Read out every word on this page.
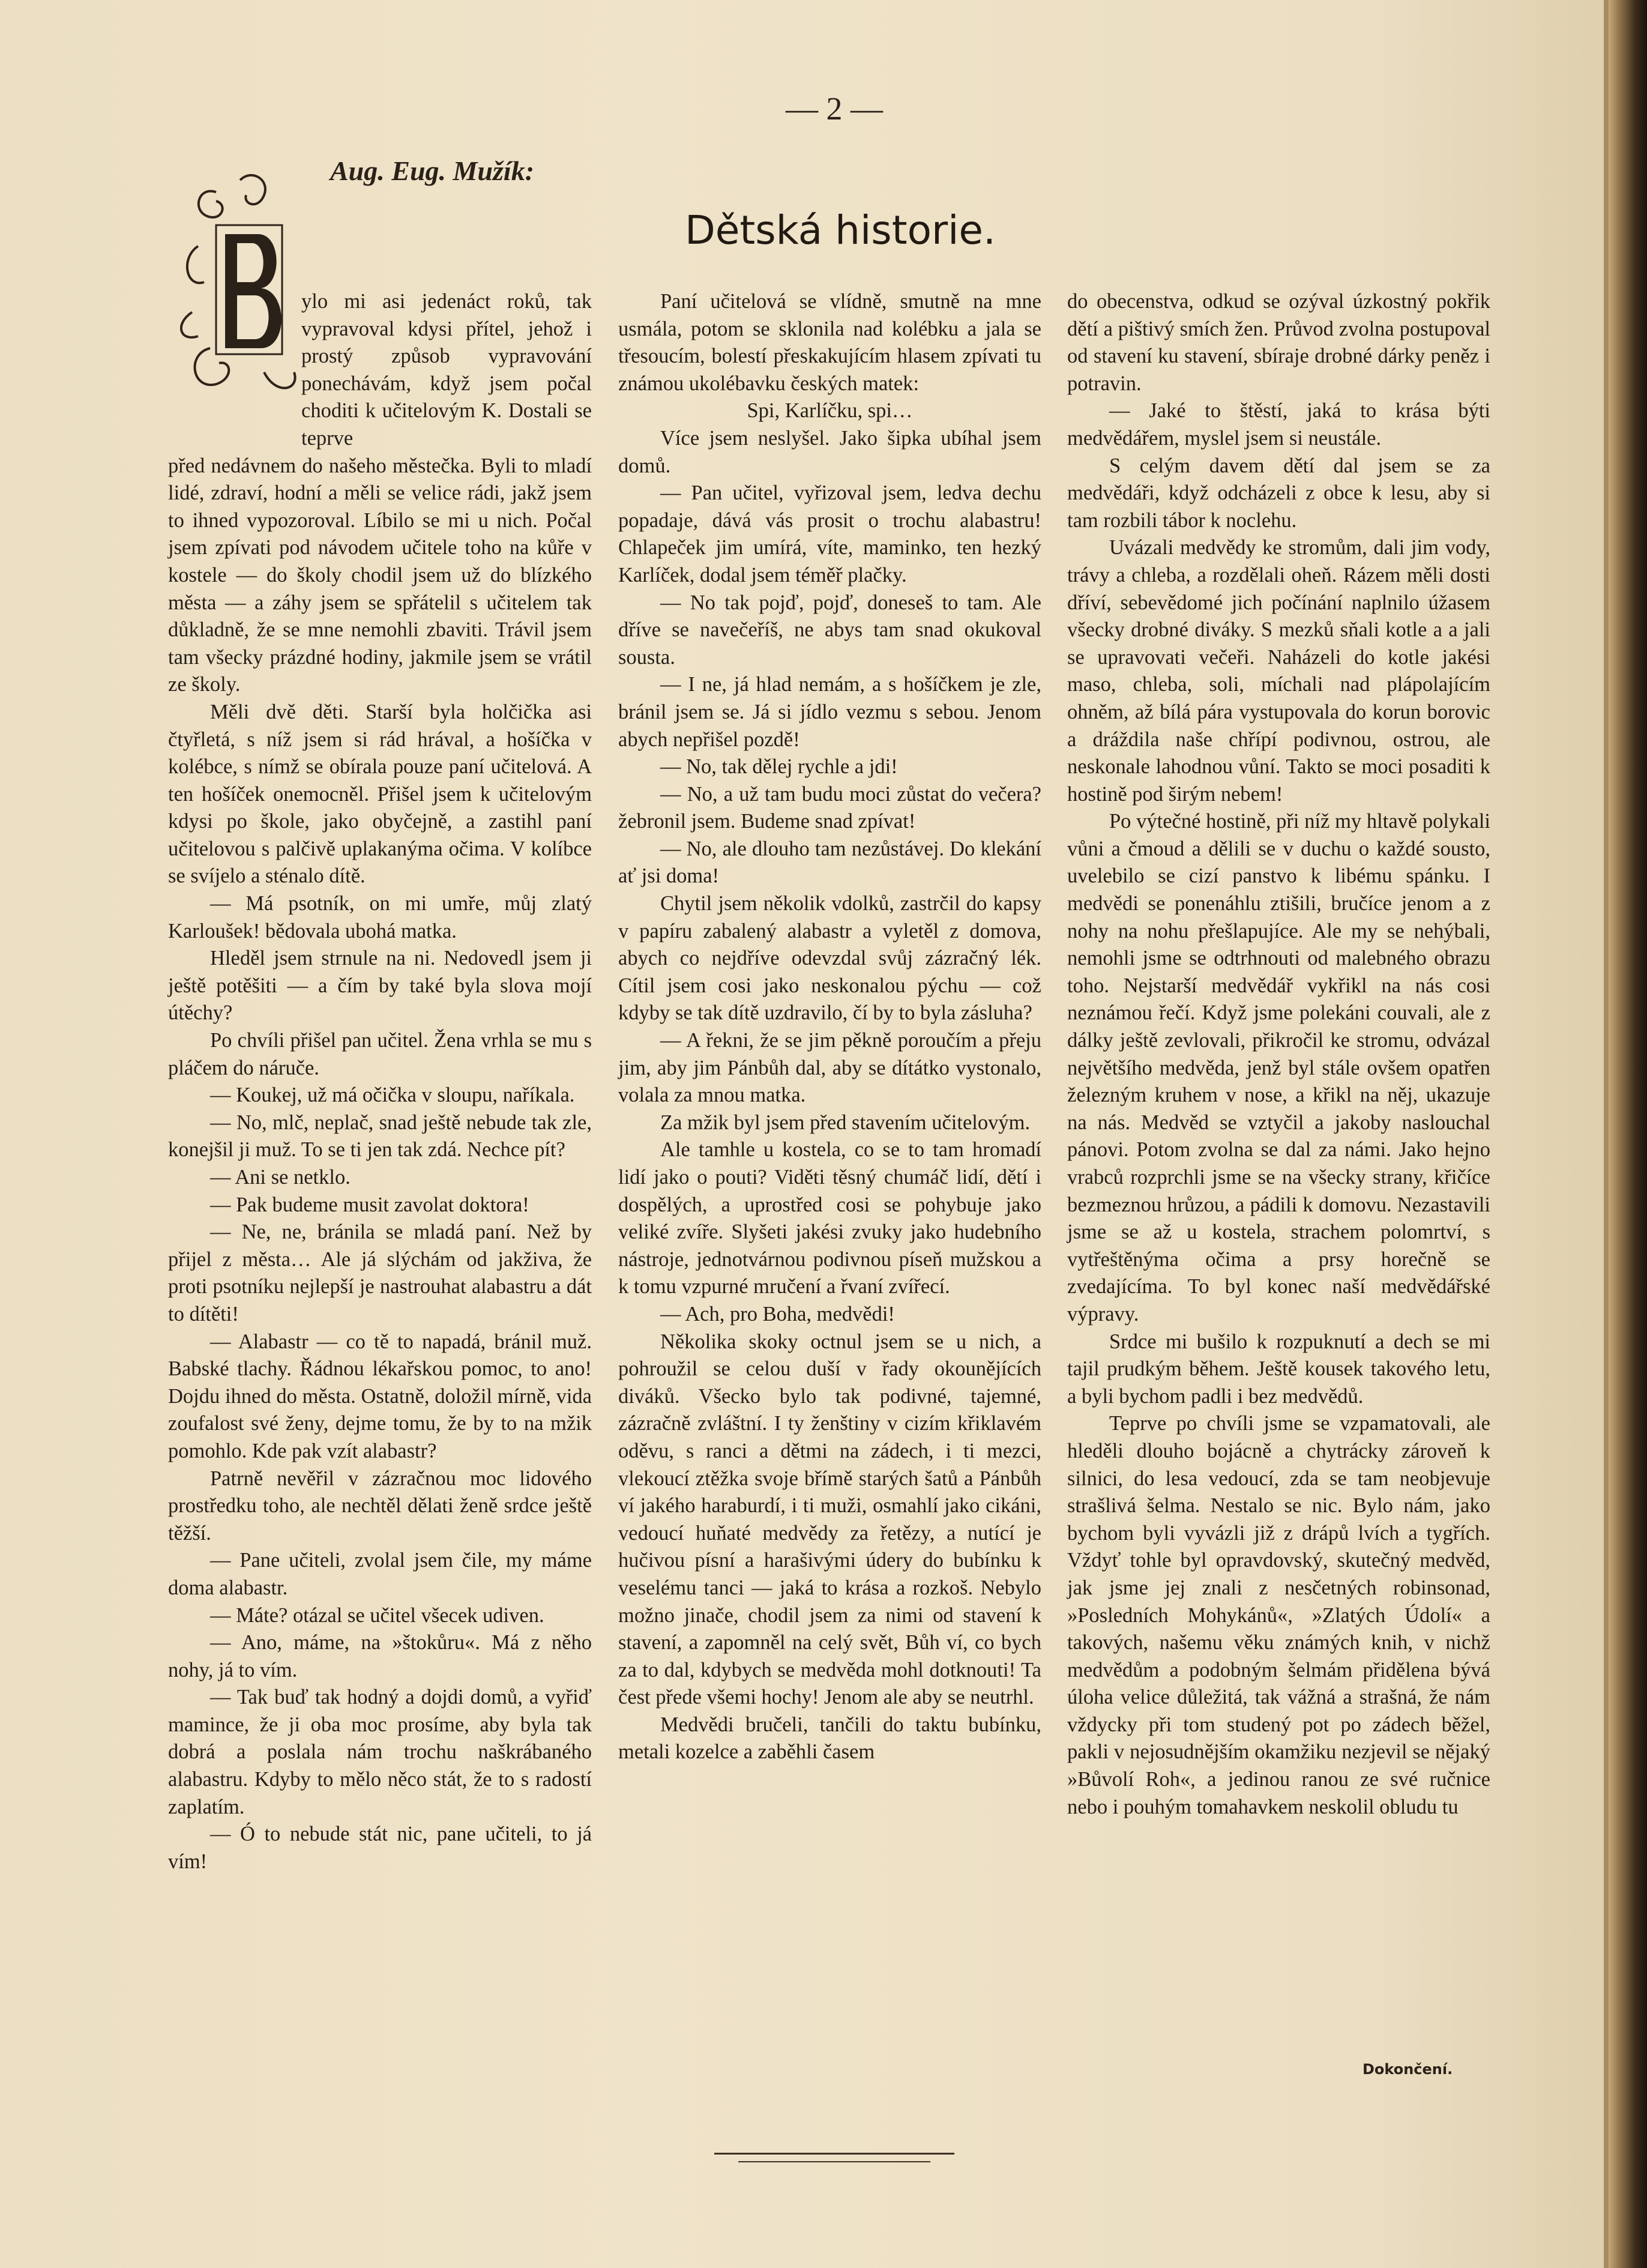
— 2 —
Aug. Eug. Mužík:
Dětská historie.

ylo mi asi jedenáct roků, tak vypravoval kdysi přítel, jehož i prostý způsob vypravování ponechávám, když jsem počal choditi k učitelovým K. Dostali se teprve

před nedávnem do našeho městečka. Byli to mladí lidé, zdraví, hodní a měli se velice rádi, jakž jsem to ihned vypozoroval. Líbilo se mi u nich. Počal jsem zpívati pod návodem učitele toho na kůře v kostele — do školy chodil jsem už do blízkého města — a záhy jsem se spřátelil s učitelem tak důkladně, že se mne nemohli zbaviti. Trávil jsem tam všecky prázdné hodiny, jakmile jsem se vrátil ze školy.

Měli dvě děti. Starší byla holčička asi čtyřletá, s níž jsem si rád hrával, a hošíčka v kolébce, s nímž se obírala pouze paní učitelová. A ten hošíček onemocněl. Přišel jsem k učitelovým kdysi po škole, jako obyčejně, a zastihl paní učitelovou s palčivě uplakanýma očima. V kolíbce se svíjelo a sténalo dítě.

— Má psotník, on mi umře, můj zlatý Karloušek! bědovala ubohá matka.

Hleděl jsem strnule na ni. Nedovedl jsem ji ještě potěšiti — a čím by také byla slova mojí útěchy?

Po chvíli přišel pan učitel. Žena vrhla se mu s pláčem do náruče.

— Koukej, už má očička v sloupu, naříkala.

— No, mlč, neplač, snad ještě nebude tak zle, konejšil ji muž. To se ti jen tak zdá. Nechce pít?

— Ani se netklo.

— Pak budeme musit zavolat doktora!

— Ne, ne, bránila se mladá paní. Než by přijel z města… Ale já slýchám od jakživa, že proti psotníku nejlepší je nastrouhat alabastru a dát to dítěti!

— Alabastr — co tě to napadá, bránil muž. Babské tlachy. Řádnou lékařskou pomoc, to ano! Dojdu ihned do města. Ostatně, doložil mírně, vida zoufalost své ženy, dejme tomu, že by to na mžik pomohlo. Kde pak vzít alabastr?

Patrně nevěřil v zázračnou moc lidového prostředku toho, ale nechtěl dělati ženě srdce ještě těžší.

— Pane učiteli, zvolal jsem čile, my máme doma alabastr.

— Máte? otázal se učitel všecek udiven.

— Ano, máme, na »štokůru«. Má z něho nohy, já to vím.

— Tak buď tak hodný a dojdi domů, a vyřiď mamince, že ji oba moc prosíme, aby byla tak dobrá a poslala nám trochu naškrábaného alabastru. Kdyby to mělo něco stát, že to s radostí zaplatím.

— Ó to nebude stát nic, pane učiteli, to já vím!

Paní učitelová se vlídně, smutně na mne usmála, potom se sklonila nad kolébku a jala se třesoucím, bolestí přeskakujícím hlasem zpívati tu známou ukolébavku českých matek:

Spi, Karlíčku, spi…

Více jsem neslyšel. Jako šipka ubíhal jsem domů.

— Pan učitel, vyřizoval jsem, ledva dechu popadaje, dává vás prosit o trochu alabastru! Chlapeček jim umírá, víte, maminko, ten hezký Karlíček, dodal jsem téměř plačky.

— No tak pojď, pojď, doneseš to tam. Ale dříve se navečeříš, ne abys tam snad okukoval sousta.

— I ne, já hlad nemám, a s hošíčkem je zle, bránil jsem se. Já si jídlo vezmu s sebou. Jenom abych nepřišel pozdě!

— No, tak dělej rychle a jdi!

— No, a už tam budu moci zůstat do večera? žebronil jsem. Budeme snad zpívat!

— No, ale dlouho tam nezůstávej. Do klekání ať jsi doma!

Chytil jsem několik vdolků, zastrčil do kapsy v papíru zabalený alabastr a vyletěl z domova, abych co nejdříve odevzdal svůj zázračný lék. Cítil jsem cosi jako neskonalou pýchu — což kdyby se tak dítě uzdravilo, čí by to byla zásluha?

— A řekni, že se jim pěkně poroučím a přeju jim, aby jim Pánbůh dal, aby se dítátko vystonalo, volala za mnou matka.

Za mžik byl jsem před stavením učitelovým.

Ale tamhle u kostela, co se to tam hromadí lidí jako o pouti? Viděti těsný chumáč lidí, dětí i dospělých, a uprostřed cosi se pohybuje jako veliké zvíře. Slyšeti jakési zvuky jako hudebního nástroje, jednotvárnou podivnou píseň mužskou a k tomu vzpurné mručení a řvaní zvířecí.

— Ach, pro Boha, medvědi!

Několika skoky octnul jsem se u nich, a pohroužil se celou duší v řady okounějících diváků. Všecko bylo tak podivné, tajemné, zázračně zvláštní. I ty ženštiny v cizím křiklavém oděvu, s ranci a dětmi na zádech, i ti mezci, vlekoucí ztěžka svoje břímě starých šatů a Pánbůh ví jakého haraburdí, i ti muži, osmahlí jako cikáni, vedoucí huňaté medvědy za řetězy, a nutící je hučivou písní a harašivými údery do bubínku k veselému tanci — jaká to krása a rozkoš. Nebylo možno jinače, chodil jsem za nimi od stavení k stavení, a zapomněl na celý svět, Bůh ví, co bych za to dal, kdybych se medvěda mohl dotknouti! Ta čest přede všemi hochy! Jenom ale aby se neutrhl.

Medvědi bručeli, tančili do taktu bubínku, metali kozelce a zaběhli časem

do obecenstva, odkud se ozýval úzkostný pokřik dětí a pištivý smích žen. Průvod zvolna postupoval od stavení ku stavení, sbíraje drobné dárky peněz i potravin.

— Jaké to štěstí, jaká to krása býti medvědářem, myslel jsem si neustále.

S celým davem dětí dal jsem se za medvědáři, když odcházeli z obce k lesu, aby si tam rozbili tábor k noclehu.

Uvázali medvědy ke stromům, dali jim vody, trávy a chleba, a rozdělali oheň. Rázem měli dosti dříví, sebevědomé jich počínání naplnilo úžasem všecky drobné diváky. S mezků sňali kotle a a jali se upravovati večeři. Naházeli do kotle jakési maso, chleba, soli, míchali nad plápolajícím ohněm, až bílá pára vystupovala do korun borovic a dráždila naše chřípí podivnou, ostrou, ale neskonale lahodnou vůní. Takto se moci posaditi k hostině pod širým nebem!

Po výtečné hostině, při níž my hltavě polykali vůni a čmoud a dělili se v duchu o každé sousto, uvelebilo se cizí panstvo k libému spánku. I medvědi se ponenáhlu ztišili, bručíce jenom a z nohy na nohu přešlapujíce. Ale my se nehýbali, nemohli jsme se odtrhnouti od malebného obrazu toho. Nejstarší medvědář vykřikl na nás cosi neznámou řečí. Když jsme polekáni couvali, ale z dálky ještě zevlovali, přikročil ke stromu, odvázal největšího medvěda, jenž byl stále ovšem opatřen železným kruhem v nose, a křikl na něj, ukazuje na nás. Medvěd se vztyčil a jakoby naslouchal pánovi. Potom zvolna se dal za námi. Jako hejno vrabců rozprchli jsme se na všecky strany, křičíce bezmeznou hrůzou, a pádili k domovu. Nezastavili jsme se až u kostela, strachem polomrtví, s vytřeštěnýma očima a prsy horečně se zvedajícíma. To byl konec naší medvědářské výpravy.

Srdce mi bušilo k rozpuknutí a dech se mi tajil prudkým během. Ještě kousek takového letu, a byli bychom padli i bez medvědů.

Teprve po chvíli jsme se vzpamatovali, ale hleděli dlouho bojácně a chytrácky zároveň k silnici, do lesa vedoucí, zda se tam neobjevuje strašlivá šelma. Nestalo se nic. Bylo nám, jako bychom byli vyvázli již z drápů lvích a tygřích. Vždyť tohle byl opravdovský, skutečný medvěd, jak jsme jej znali z nesčetných robinsonad, »Posledních Mohykánů«, »Zlatých Údolí« a takových, našemu věku známých knih, v nichž medvědům a podobným šelmám přidělena bývá úloha velice důležitá, tak vážná a strašná, že nám vždycky při tom studený pot po zádech běžel, pakli v nejosudnějším okamžiku nezjevil se nějaký »Bůvolí Roh«, a jedinou ranou ze své ručnice nebo i pouhým tomahavkem neskolil obludu tu

Dokončení.
